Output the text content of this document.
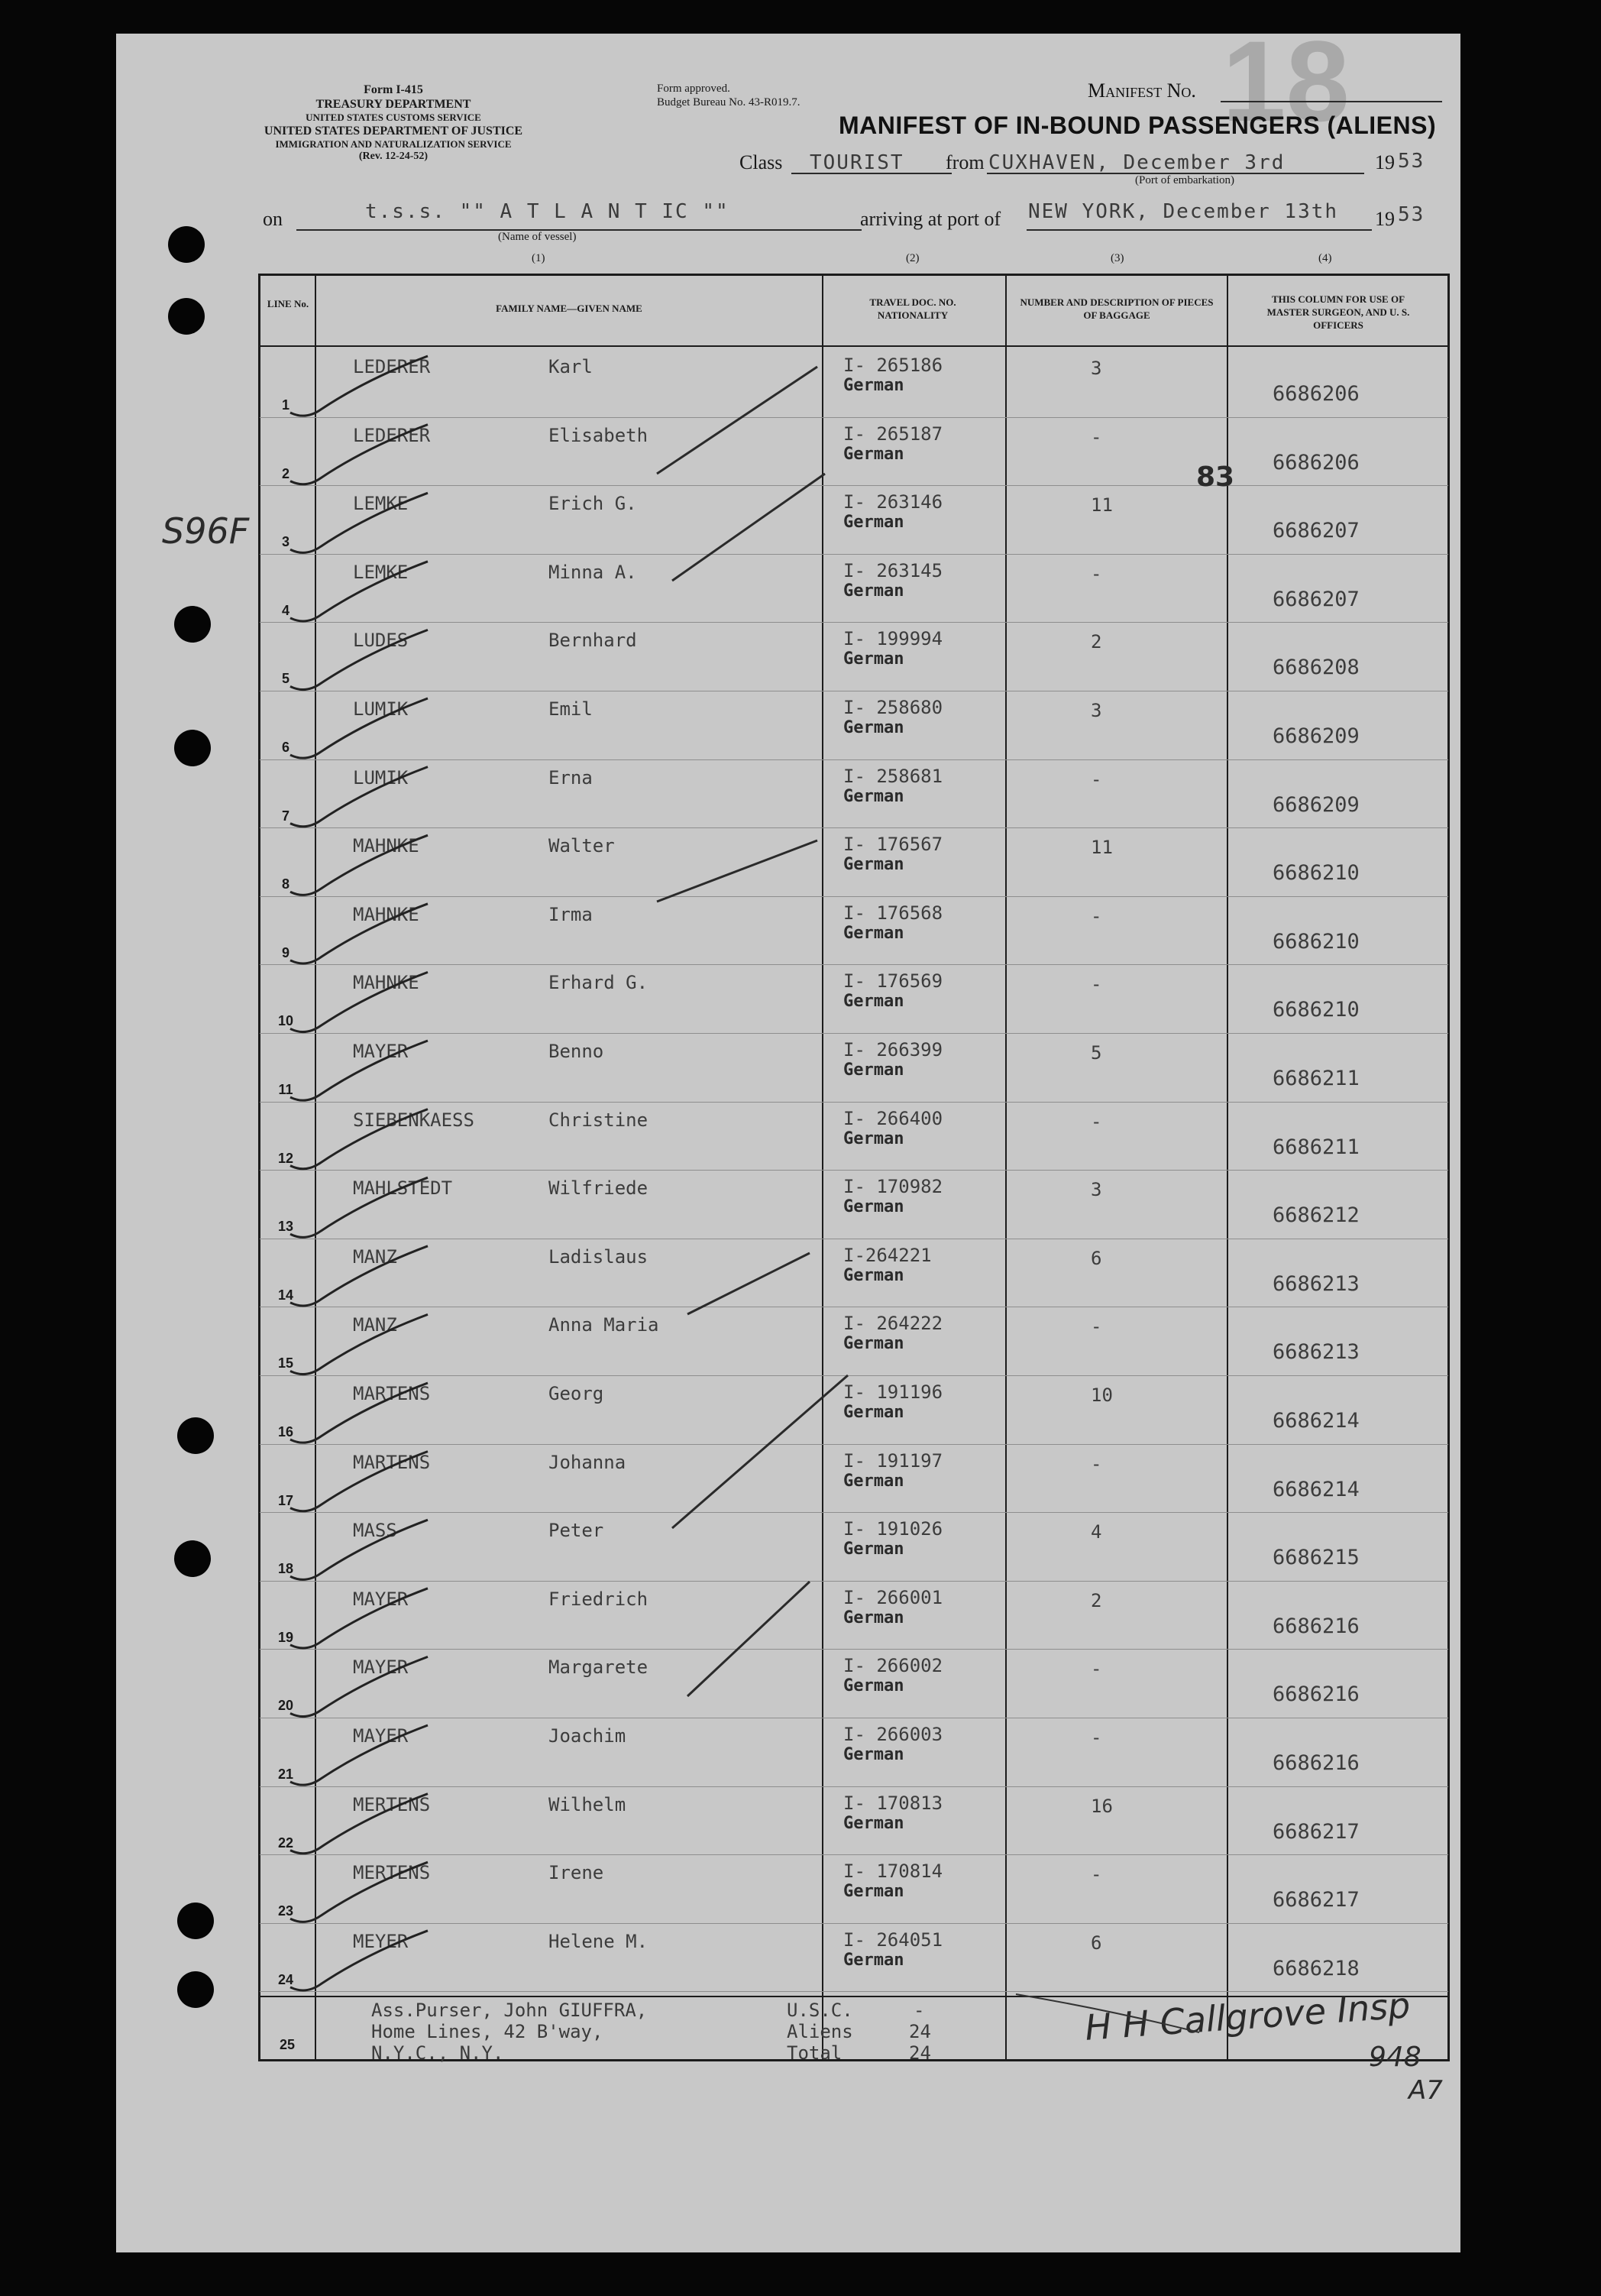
18
Form I-415
TREASURY DEPARTMENT
UNITED STATES CUSTOMS SERVICE
UNITED STATES DEPARTMENT OF JUSTICE
IMMIGRATION AND NATURALIZATION SERVICE
(Rev. 12-24-52)
Form approved.
Budget Bureau No. 43-R019.7.
Manifest No.
MANIFEST OF IN-BOUND PASSENGERS (ALIENS)
Class TOURIST from CUXHAVEN, December 3rd	19 53
(Port of embarkation)
on	t.s.s. "" A T L A N T IC ""
(Name of vessel)
arriving at port of NEW YORK, December 13th 19 53
(1)	(2)	(3)	(4)
LINE No.	FAMILY NAME—GIVEN NAME
TRAVEL DOC. NO. NATIONALITY
NUMBER AND DESCRIPTION OF PIECES OF BAGGAGE
THIS COLUMN FOR USE OF MASTER SURGEON, AND U. S. OFFICERS
1
LEDERER	Karl	I- 265186
German
3
6686206
2
LEDERER	Elisabeth	I- 265187
German
-
6686206
3
LEMKE	Erich G.	I- 263146
German
11
6686207
4
LEMKE	Minna A.	I- 263145
German
-
6686207
5
LUDES	Bernhard	I- 199994
German
2
6686208
6
LUMIK	Emil	I- 258680
German
3
6686209
7
LUMIK	Erna	I- 258681
German
-
6686209
8
MAHNKE	Walter	I- 176567
German
11
6686210
9
MAHNKE	Irma	I- 176568
German
-
6686210
10
MAHNKE	Erhard G.	I- 176569
German
-
6686210
11
MAYER	Benno	I- 266399
German
5
6686211
12
SIEBENKAESS	Christine	I- 266400
German
-
6686211
13
MAHLSTEDT	Wilfriede	I- 170982
German
3
6686212
14
MANZ	Ladislaus	I-264221
German
6
6686213
15
MANZ	Anna Maria	I- 264222
German
-
6686213
16
MARTENS	Georg	I- 191196
German
10
6686214
17
MARTENS	Johanna	I- 191197
German
-
6686214
18
MASS	Peter	I- 191026
German
4
6686215
19
MAYER	Friedrich	I- 266001
German
2
6686216
20
MAYER	Margarete	I- 266002
German
-
6686216
21
MAYER	Joachim	I- 266003
German
-
6686216
22
MERTENS	Wilhelm	I- 170813
German
16
6686217
23
MERTENS	Irene	I- 170814
German
-
6686217
24
MEYER	Helene M.	I- 264051
German
6
6686218
25
Ass.Purser, John GIUFFRA,
Home Lines, 42 B'way,
N.Y.C., N.Y.
U.S.C.	-
Aliens	24
Total	24
H H Callgrove Insp
948
A7
S96F
83
